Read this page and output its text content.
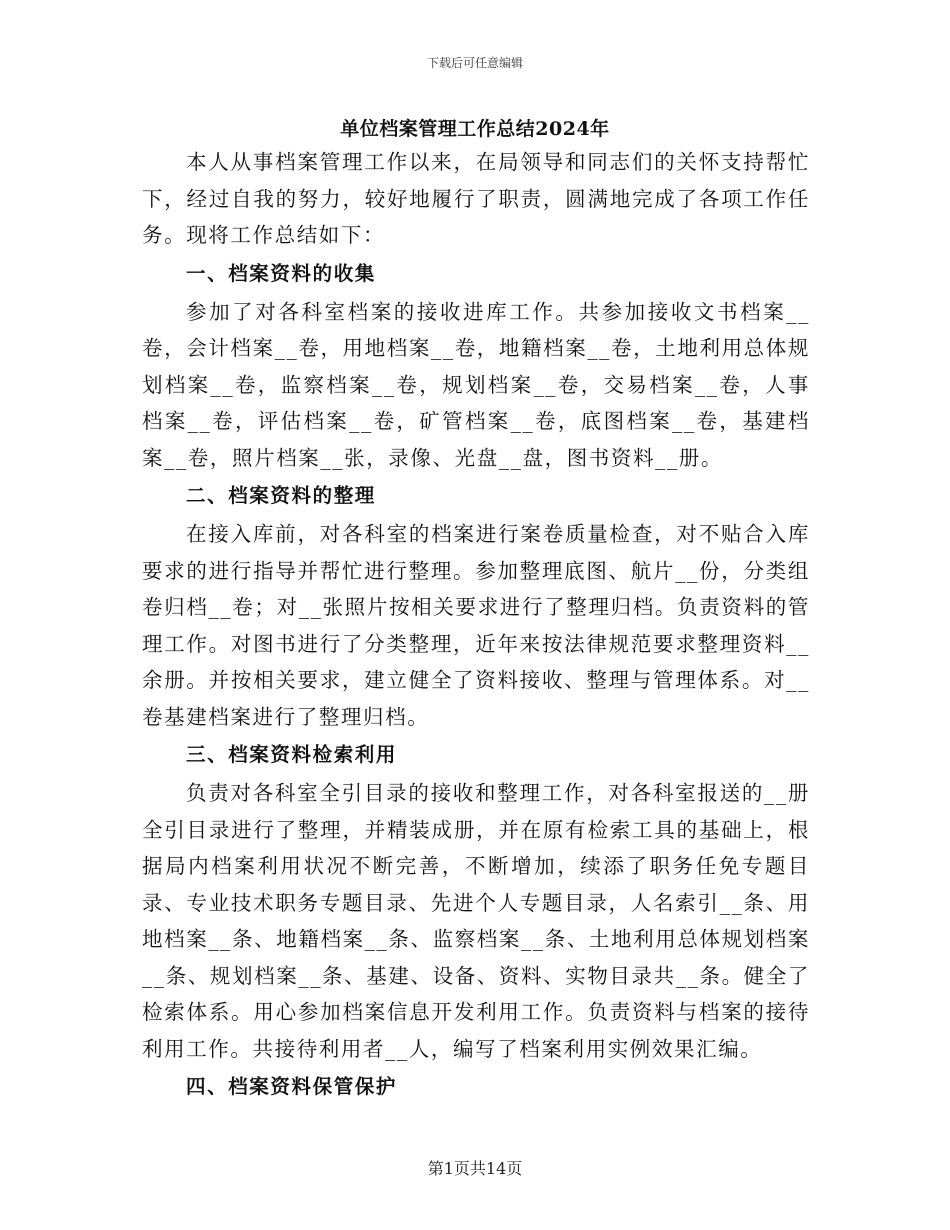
下载后可任意编辑
单位档案管理工作总结2024年

本人从事档案管理工作以来，在局领导和同志们的关怀支持帮忙下，经过自我的努力，较好地履行了职责，圆满地完成了各项工作任务。现将工作总结如下：

一、档案资料的收集

参加了对各科室档案的接收进库工作。共参加接收文书档案__卷，会计档案__卷，用地档案__卷，地籍档案__卷，土地利用总体规划档案__卷，监察档案__卷，规划档案__卷，交易档案__卷，人事档案__卷，评估档案__卷，矿管档案__卷，底图档案__卷，基建档案__卷，照片档案__张，录像、光盘__盘，图书资料__册。

二、档案资料的整理

在接入库前，对各科室的档案进行案卷质量检查，对不贴合入库要求的进行指导并帮忙进行整理。参加整理底图、航片__份，分类组卷归档__卷；对__张照片按相关要求进行了整理归档。负责资料的管理工作。对图书进行了分类整理，近年来按法律规范要求整理资料__余册。并按相关要求，建立健全了资料接收、整理与管理体系。对__卷基建档案进行了整理归档。

三、档案资料检索利用

负责对各科室全引目录的接收和整理工作，对各科室报送的__册全引目录进行了整理，并精装成册，并在原有检索工具的基础上，根据局内档案利用状况不断完善，不断增加，续添了职务任免专题目录、专业技术职务专题目录、先进个人专题目录，人名索引__条、用地档案__条、地籍档案__条、监察档案__条、土地利用总体规划档案__条、规划档案__条、基建、设备、资料、实物目录共__条。健全了检索体系。用心参加档案信息开发利用工作。负责资料与档案的接待利用工作。共接待利用者__人，编写了档案利用实例效果汇编。

四、档案资料保管保护
第1页共14页
